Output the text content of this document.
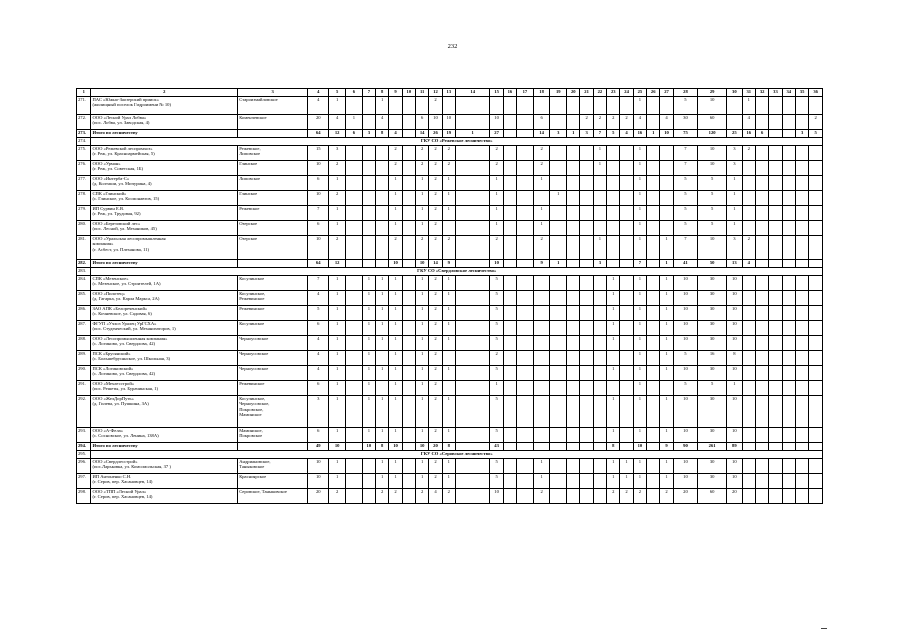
232
1	2	3	4	5	6	7	8	9	10	11	12	13	14	15	16	17	18	19	20	21	22	23	24	25	26	27	28	29	30	31	32	33	34	35	36
271.	ПАС «Южно-Заозерский прииск»
(жилищный поселок Гидроимени № 10)	Староизмайловское	4	1			1				2													1			5	10		1					
272.	ООО «Лесной Урал Лобва»
(пос. Лобва, ул. Заводская, 4)	Коменчевское	20	4	1		4			6	10	10		10			6			2	2	2	2	4		4	30	60		4					2
273.	Итого по лесничеству		64	12	6	3	8	4		14	26	19	1	27			14	3	1	3	7	5	4	16	1	10	75	120	25	16	6			3	5
274.	ГКУ СО «Режевское лесничество»																																		
275.	ООО «Режевской леспромхоз»
(г. Реж, ул. Красноармейская, 5)	Режевское,
Липовское	15	3				2		2	2	2		2			2				1			1			7	10	3	2					
276.	ООО «Урман»
(г. Реж, ул. Советская, 1Б)	Глинское	10	2				2		2	2	2		2			2				1			1			7	10	3						
277.	ООО «Интерба-С»
(д. Колташи, ул. Мичурина, 4)	Липовское	6	1				1		1	2	1		1			1							1			5	5	1						
278.	СПК «Глинский»
(с. Глинское, ул. Космонавтов, 15)	Глинское	10	2				1		1	2	1		1				1						1			5	5	1						
279.	ИП Сурвин Е.В.
(г. Реж, ул. Трудовая, 92)	Режевское	7	1				1		1	2	1		1			1							1			5	5	1						
280.	ООО «Березовский лес»
(пос. Лесной, ул. Механиков, 45)	Озерское	6	1				1		1	2			1			1							1			5	5	1						
281.	ООО «Уральская лесопромышленная
компания»
(г. Асбест, ул. Плеханова, 11)	Озерское	10	2				2		2	2	2		2			2				1			1		1	7	10	3	2					
282.	Итого по лесничеству		64	12				10		10	14	9		10			9	1			3			7		1	41	50	13	4					
283.	ГКУ СО «Свердловское лесничество»																																		
284.	СПК «Мезенское»
(с. Мезенское, ул. Строителей, 1А)	Косулинское	7	1		1	1	1		1	2	1		5								1		1		1	10	30	10						
285.	ООО «Пилотец»
(д. Гагарка, ул. Карла Маркса, 2А)	Косулинское,
Режевинское	4	1		1	1	1		1	2	1		5								1		1		1	10	30	10						
286.	ЗАО АПК «Белореченский»
(с. Кочневское, ул. Садовая, 6)	Режевинское	5	1		1	1	1		1	2	1		5								1		1		1	10	30	10						
287.	ФГУП «Учхоз Уралец УрГСХА»
(пос. Студенческий, ул. Механизаторов, 1)	Косулинское	6	1		1	1	1		1	2	1		5								1		1		1	10	30	10						
288.	ООО «Лесопромышленная компания»
(с. Логиново, ул. Свердлова, 42)	Черноусовское	4	1		1	1	1		1	2	1		5								1		1		1	10	30	10						
289.	ПСК «Брусянский»
(с. Большебрусянское, ул. Школьная, 3)	Черноусовское	4	1		1		1		1	2			2										1		1	5	16	8						
290.	ПСК «Логиновский»
(с. Логиново, ул. Свердлова, 42)	Черноусовское	4	1		1	1	1		1	2	1		5								1		1		1	10	30	10						
291.	ООО «Мехлесстрой»
(пос. Решеты, ул. Бурачинская, 1)	Режевинское	6	1		1		1		1	2			1										1			5	5	1						
292.	ООО «ЖелДорПуть»
(д. Гилева, ул. Пушкина, 3А)	Косулинское,
Черноусовское,
Покровское,
Маминское	3	1		1	1	1		1	2	1		5								1		1		1	10	30	10						
293.	ООО «А-Фела»
(с. Сосновское, ул. Ленина, 138А)	Маминское,
Покровское	6	1		1	1	1		1	2	1		5								1		1		1	10	30	10						
294.	Итого по лесничеству		49	10		10	8	10		10	20	8		43								8		10		9	90	261	89						
295.	ГКУ СО «Серовское лесничество»																																		
296.	ООО «Свердлесстрой»
(пос.Ларьковка, ул. Комсомольская, 37 )	Андриановское,
Таныковское	10	1			1	1		1	2	1		5			1					1	1	1		1	10	30	10						
297.	ИП Антоненко С.Н.
(г. Серов, пер. Хасановцев, 14)	Красноярское	10	1			1	1		1	2	1		5			1					1	1	1		1	10	30	10						
298.	ООО «ТПП «Лесной Урал»
(г. Серов, пер. Хасановцев, 14)	Серовское, Таныковское	20	2			2	2		2	4	2		10			2					2	2	2		2	20	60	20						
